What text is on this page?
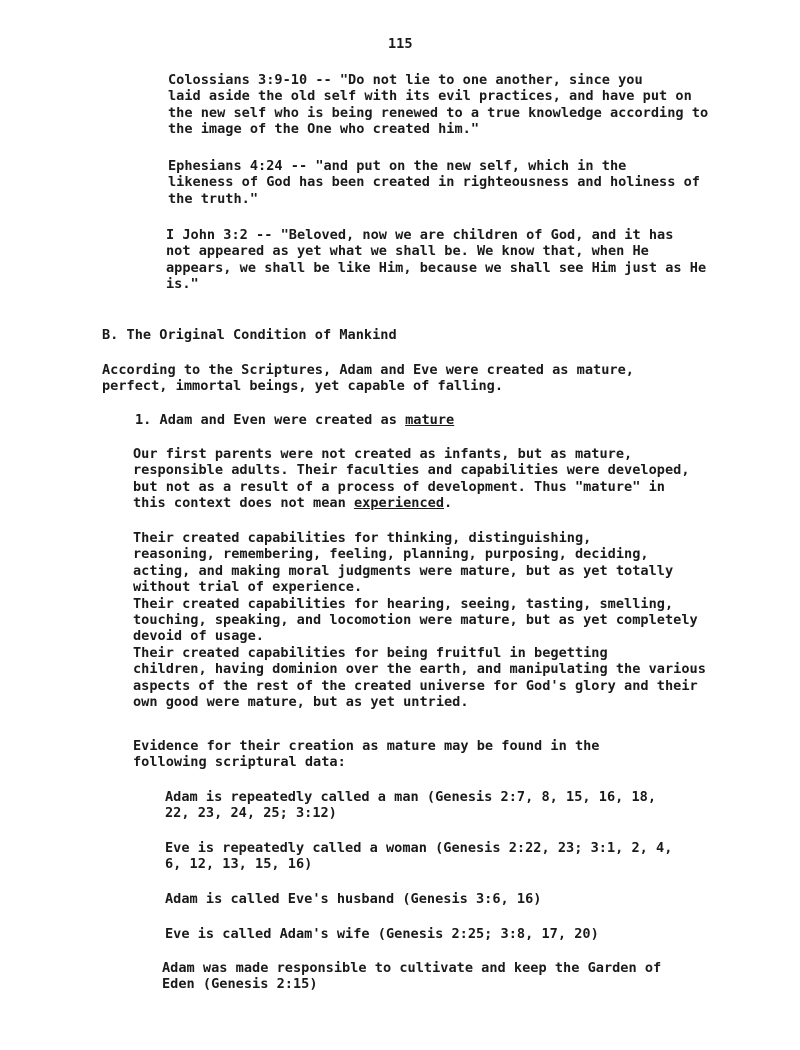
115

Colossians 3:9-10 -- "Do not lie to one another, since you
laid aside the old self with its evil practices, and have put on
the new self who is being renewed to a true knowledge according to
the image of the One who created him."

Ephesians 4:24 -- "and put on the new self, which in the
likeness of God has been created in righteousness and holiness of
the truth."

I John 3:2 -- "Beloved, now we are children of God, and it has
not appeared as yet what we shall be. We know that, when He
appears, we shall be like Him, because we shall see Him just as He
is."

B. The Original Condition of Mankind

According to the Scriptures, Adam and Eve were created as mature,
perfect, immortal beings, yet capable of falling.

1. Adam and Even were created as mature

Our first parents were not created as infants, but as mature,
responsible adults. Their faculties and capabilities were developed,
but not as a result of a process of development. Thus "mature" in
this context does not mean experienced.

Their created capabilities for thinking, distinguishing,
reasoning, remembering, feeling, planning, purposing, deciding,
acting, and making moral judgments were mature, but as yet totally
without trial of experience.
Their created capabilities for hearing, seeing, tasting, smelling,
touching, speaking, and locomotion were mature, but as yet completely
devoid of usage.
Their created capabilities for being fruitful in begetting
children, having dominion over the earth, and manipulating the various
aspects of the rest of the created universe for God's glory and their
own good were mature, but as yet untried.

Evidence for their creation as mature may be found in the
following scriptural data:

Adam is repeatedly called a man (Genesis 2:7, 8, 15, 16, 18,
22, 23, 24, 25; 3:12)

Eve is repeatedly called a woman (Genesis 2:22, 23; 3:1, 2, 4,
6, 12, 13, 15, 16)

Adam is called Eve's husband (Genesis 3:6, 16)

Eve is called Adam's wife (Genesis 2:25; 3:8, 17, 20)

Adam was made responsible to cultivate and keep the Garden of
Eden (Genesis 2:15)
